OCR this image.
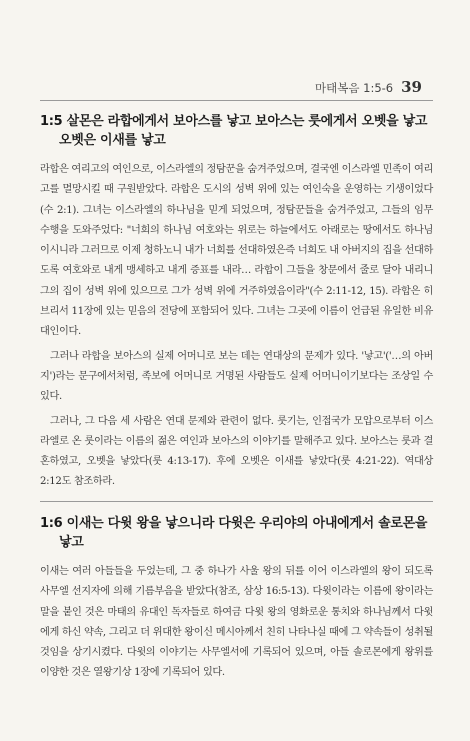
마태복음 1:5-6 39
1:5 살몬은 라합에게서 보아스를 낳고 보아스는 룻에게서 오벳을 낳고 오벳은 이새를 낳고

라합은 여리고의 여인으로, 이스라엘의 정탐꾼을 숨겨주었으며, 결국엔 이스라엘 민족이 여리고를 멸망시킬 때 구원받았다. 라합은 도시의 성벽 위에 있는 여인숙을 운영하는 기생이었다(수 2:1). 그녀는 이스라엘의 하나님을 믿게 되었으며, 정탐꾼들을 숨겨주었고, 그들의 임무 수행을 도와주었다: "너희의 하나님 여호와는 위로는 하늘에서도 아래로는 땅에서도 하나님이시니라 그러므로 이제 청하노니 내가 너희를 선대하였은즉 너희도 내 아버지의 집을 선대하도록 여호와로 내게 맹세하고 내게 증표를 내라… 라합이 그들을 창문에서 줄로 달아 내리니 그의 집이 성벽 위에 있으므로 그가 성벽 위에 거주하였음이라"(수 2:11-12, 15). 라합은 히브리서 11장에 있는 믿음의 전당에 포함되어 있다. 그녀는 그곳에 이름이 언급된 유일한 비유대인이다.

그러나 라합을 보아스의 실제 어머니로 보는 데는 연대상의 문제가 있다. '낳고'('…의 아버지')라는 문구에서처럼, 족보에 어머니로 거명된 사람들도 실제 어머니이기보다는 조상일 수 있다.

그러나, 그 다음 세 사람은 연대 문제와 관련이 없다. 룻기는, 인접국가 모압으로부터 이스라엘로 온 룻이라는 이름의 젊은 여인과 보아스의 이야기를 말해주고 있다. 보아스는 룻과 결혼하였고, 오벳을 낳았다(룻 4:13-17). 후에 오벳은 이새를 낳았다(룻 4:21-22). 역대상 2:12도 참조하라.

1:6 이새는 다윗 왕을 낳으니라 다윗은 우리야의 아내에게서 솔로몬을 낳고

이새는 여러 아들들을 두었는데, 그 중 하나가 사울 왕의 뒤를 이어 이스라엘의 왕이 되도록 사무엘 선지자에 의해 기름부음을 받았다(참조, 삼상 16:5-13). 다윗이라는 이름에 왕이라는 말을 붙인 것은 마태의 유대인 독자들로 하여금 다윗 왕의 영화로운 통치와 하나님께서 다윗에게 하신 약속, 그리고 더 위대한 왕이신 메시아께서 친히 나타나실 때에 그 약속들이 성취될 것임을 상기시켰다. 다윗의 이야기는 사무엘서에 기록되어 있으며, 아들 솔로몬에게 왕위를 이양한 것은 열왕기상 1장에 기록되어 있다.
